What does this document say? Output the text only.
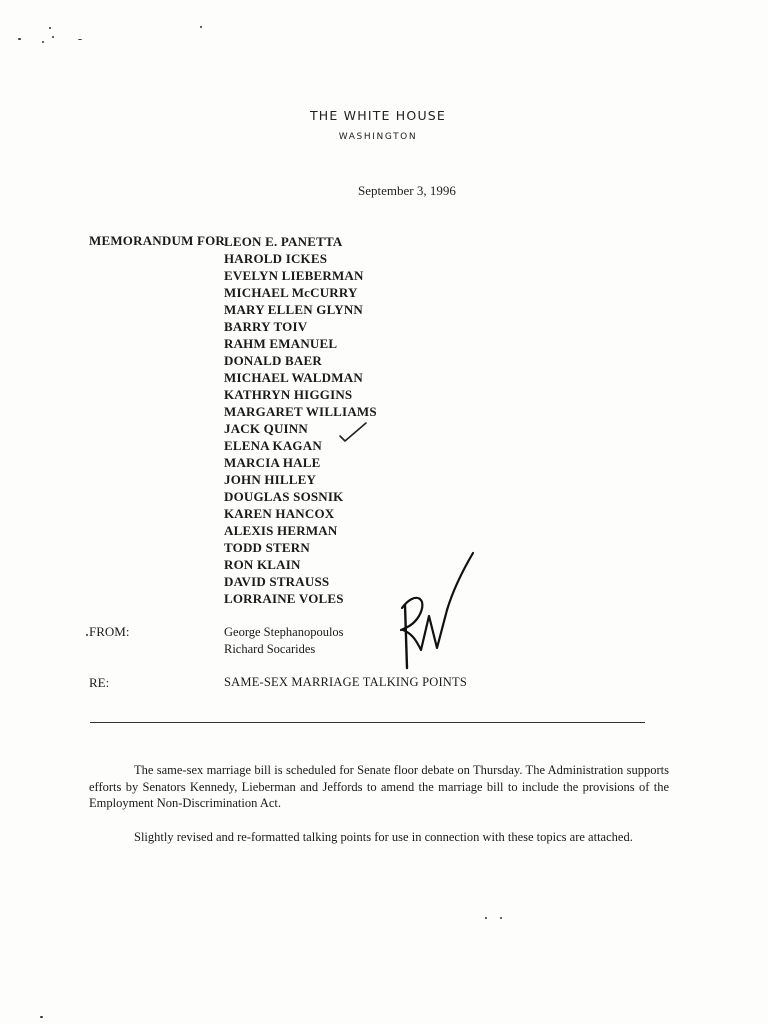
THE WHITE HOUSE
WASHINGTON
September 3, 1996
MEMORANDUM FOR
LEON E. PANETTA
HAROLD ICKES
EVELYN LIEBERMAN
MICHAEL McCURRY
MARY ELLEN GLYNN
BARRY TOIV
RAHM EMANUEL
DONALD BAER
MICHAEL WALDMAN
KATHRYN HIGGINS
MARGARET WILLIAMS
JACK QUINN
ELENA KAGAN
MARCIA HALE
JOHN HILLEY
DOUGLAS SOSNIK
KAREN HANCOX
ALEXIS HERMAN
TODD STERN
RON KLAIN
DAVID STRAUSS
LORRAINE VOLES
FROM:	George Stephanopoulos
Richard Socarides
RE:	SAME-SEX MARRIAGE TALKING POINTS

The same-sex marriage bill is scheduled for Senate floor debate on Thursday. The Administration supports efforts by Senators Kennedy, Lieberman and Jeffords to amend the marriage bill to include the provisions of the Employment Non-Discrimination Act.

Slightly revised and re-formatted talking points for use in connection with these topics are attached.
